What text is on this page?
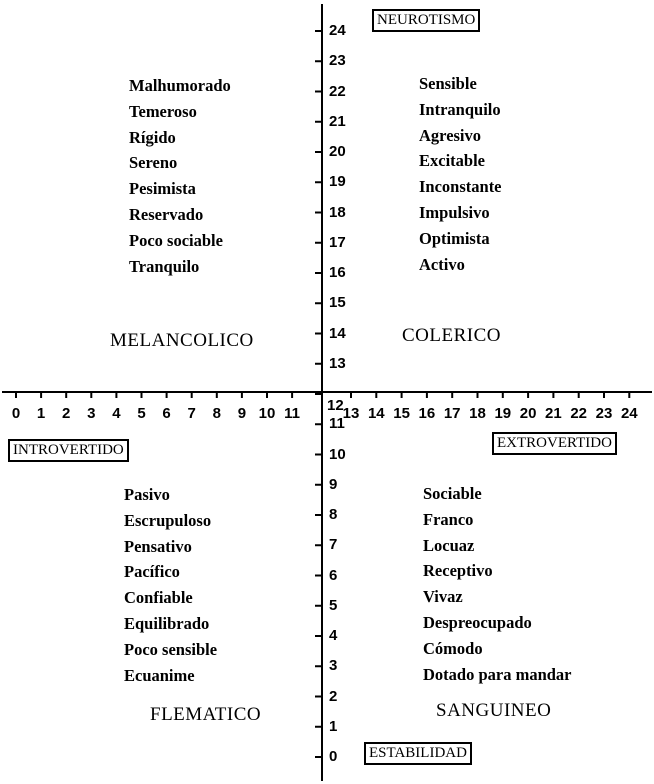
24
23
22
21
20
19
18
17
16
15
14
13
11
10
9
8
7
6
5
4
3
2
1
0
12
0 1 2 3 4 5 6 7 8 9 10 11	13 14 15 16 17 18 19 20 21 22 23 24
NEUROTISMO
ESTABILIDAD
INTROVERTIDO	EXTROVERTIDO
Malhumorado
Temeroso
Rígido
Sereno
Pesimista
Reservado
Poco sociable
Tranquilo
Sensible
Intranquilo
Agresivo
Excitable
Inconstante
Impulsivo
Optimista
Activo
Pasivo
Escrupuloso
Pensativo
Pacífico
Confiable
Equilibrado
Poco sensible
Ecuanime
Sociable
Franco
Locuaz
Receptivo
Vivaz
Despreocupado
Cómodo
Dotado para mandar
MELANCOLICO	COLERICO
FLEMATICO	SANGUINEO
